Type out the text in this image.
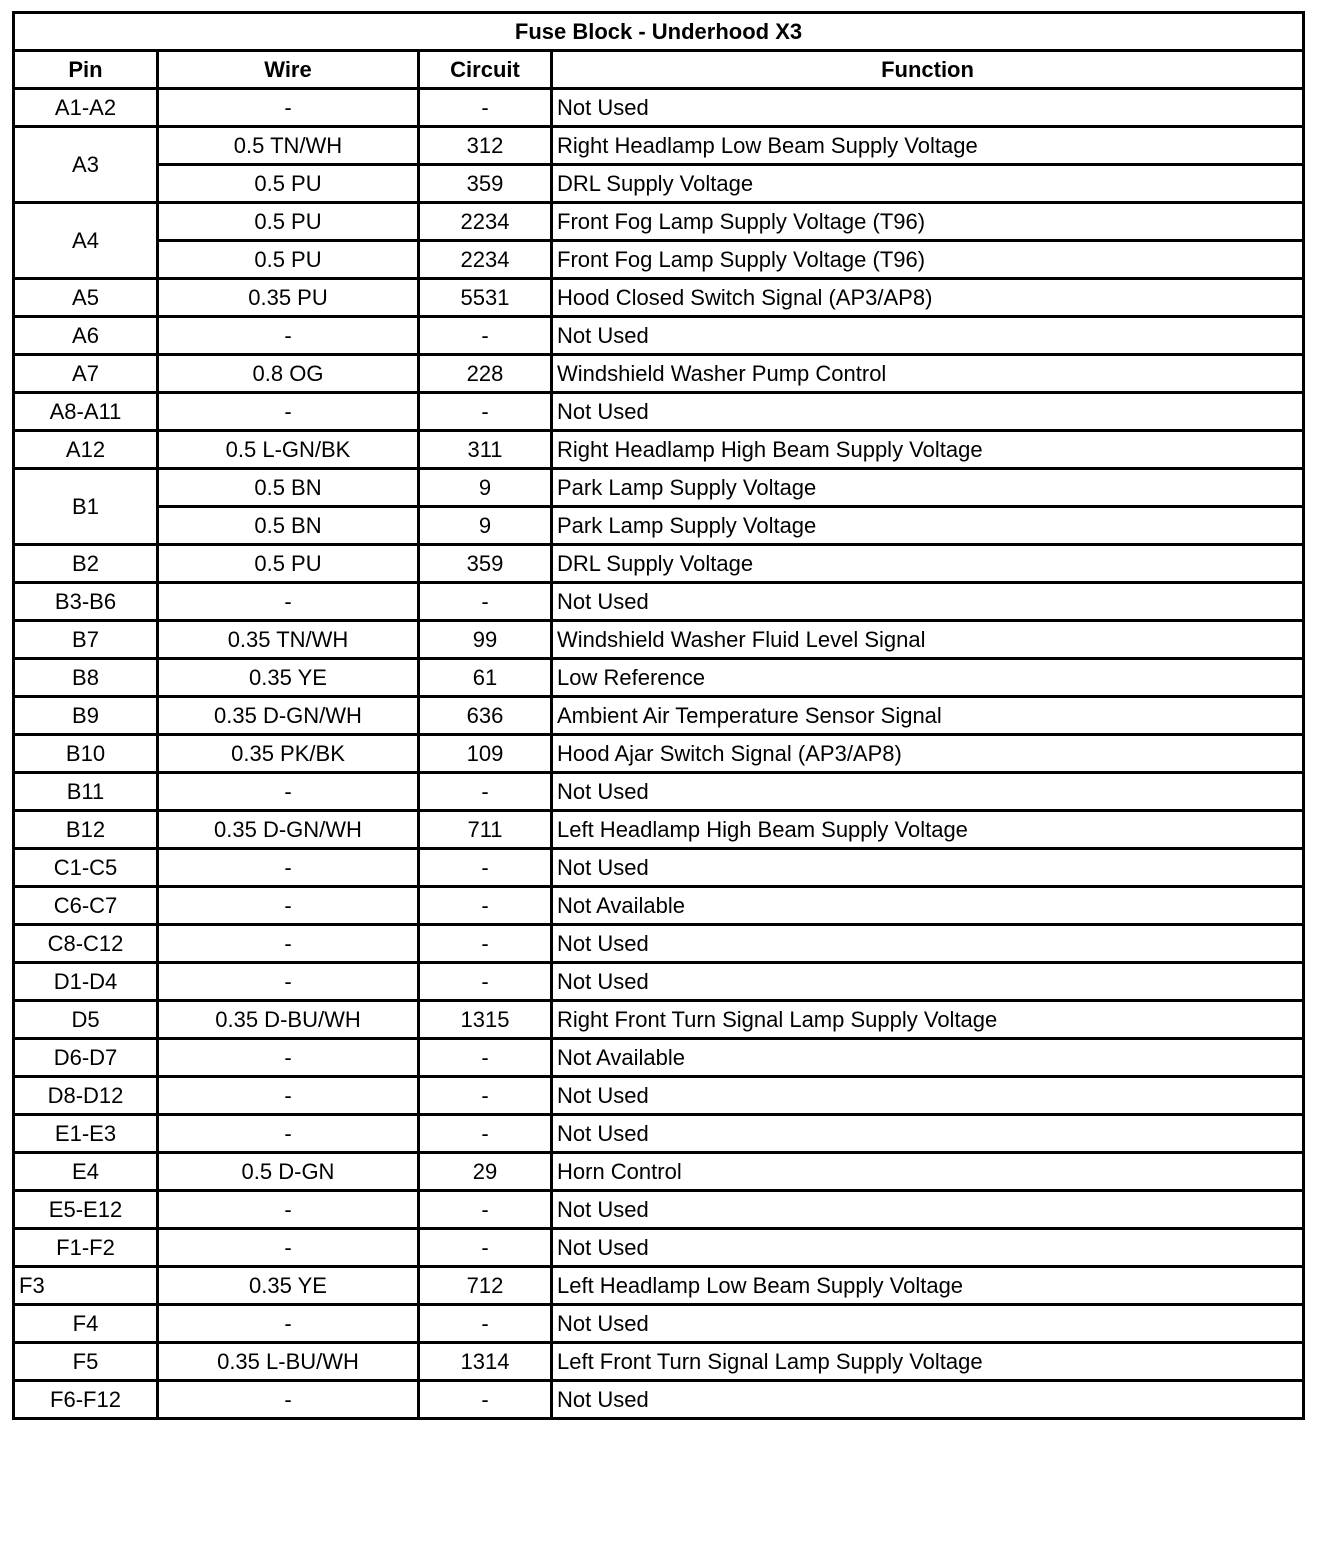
Fuse Block - Underhood X3			
Pin	Wire	Circuit	Function
A1-A2	-	-	Not Used
A3	0.5 TN/WH	312	Right Headlamp Low Beam Supply Voltage
	0.5 PU	359	DRL Supply Voltage
A4	0.5 PU	2234	Front Fog Lamp Supply Voltage (T96)
	0.5 PU	2234	Front Fog Lamp Supply Voltage (T96)
A5	0.35 PU	5531	Hood Closed Switch Signal (AP3/AP8)
A6	-	-	Not Used
A7	0.8 OG	228	Windshield Washer Pump Control
A8-A11	-	-	Not Used
A12	0.5 L-GN/BK	311	Right Headlamp High Beam Supply Voltage
B1	0.5 BN	9	Park Lamp Supply Voltage
	0.5 BN	9	Park Lamp Supply Voltage
B2	0.5 PU	359	DRL Supply Voltage
B3-B6	-	-	Not Used
B7	0.35 TN/WH	99	Windshield Washer Fluid Level Signal
B8	0.35 YE	61	Low Reference
B9	0.35 D-GN/WH	636	Ambient Air Temperature Sensor Signal
B10	0.35 PK/BK	109	Hood Ajar Switch Signal (AP3/AP8)
B11	-	-	Not Used
B12	0.35 D-GN/WH	711	Left Headlamp High Beam Supply Voltage
C1-C5	-	-	Not Used
C6-C7	-	-	Not Available
C8-C12	-	-	Not Used
D1-D4	-	-	Not Used
D5	0.35 D-BU/WH	1315	Right Front Turn Signal Lamp Supply Voltage
D6-D7	-	-	Not Available
D8-D12	-	-	Not Used
E1-E3	-	-	Not Used
E4	0.5 D-GN	29	Horn Control
E5-E12	-	-	Not Used
F1-F2	-	-	Not Used
F3	0.35 YE	712	Left Headlamp Low Beam Supply Voltage
F4	-	-	Not Used
F5	0.35 L-BU/WH	1314	Left Front Turn Signal Lamp Supply Voltage
F6-F12	-	-	Not Used
